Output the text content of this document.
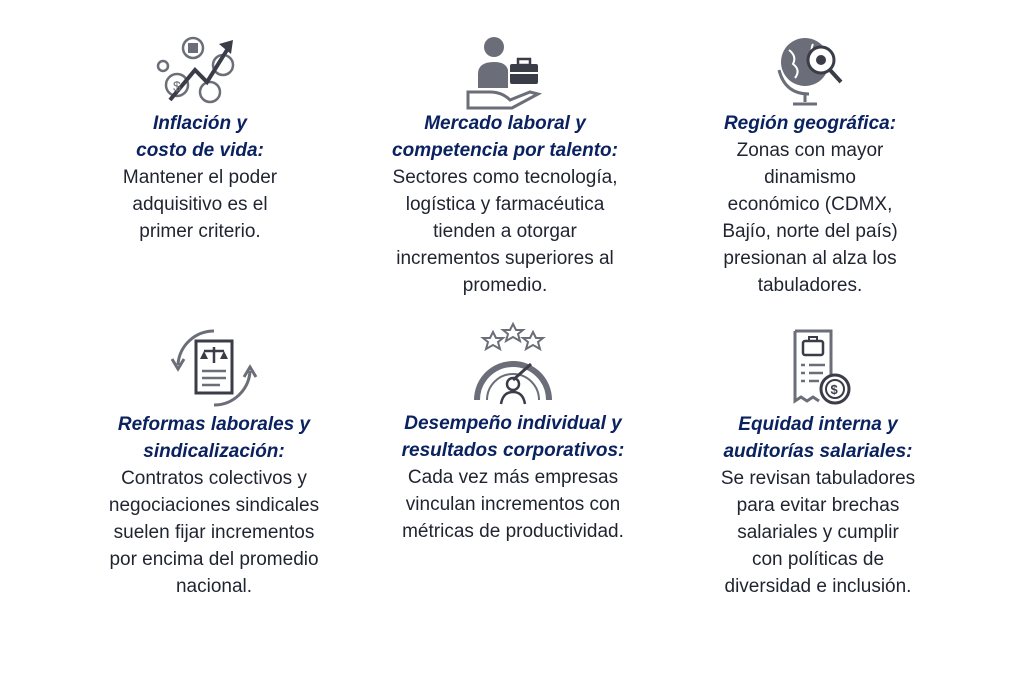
$

Inflación y
costo de vida:

Mantener el poder
adquisitivo es el
primer criterio.

Mercado laboral y
competencia por talento:

Sectores como tecnología,
logística y farmacéutica
tienden a otorgar
incrementos superiores al
promedio.

Región geográfica:

Zonas con mayor
dinamismo
económico (CDMX,
Bajío, norte del país)
presionan al alza los
tabuladores.

Reformas laborales y
sindicalización:

Contratos colectivos y
negociaciones sindicales
suelen fijar incrementos
por encima del promedio
nacional.

Desempeño individual y
resultados corporativos:

Cada vez más empresas
vinculan incrementos con
métricas de productividad.

$

Equidad interna y
auditorías salariales:

Se revisan tabuladores
para evitar brechas
salariales y cumplir
con políticas de
diversidad e inclusión.
